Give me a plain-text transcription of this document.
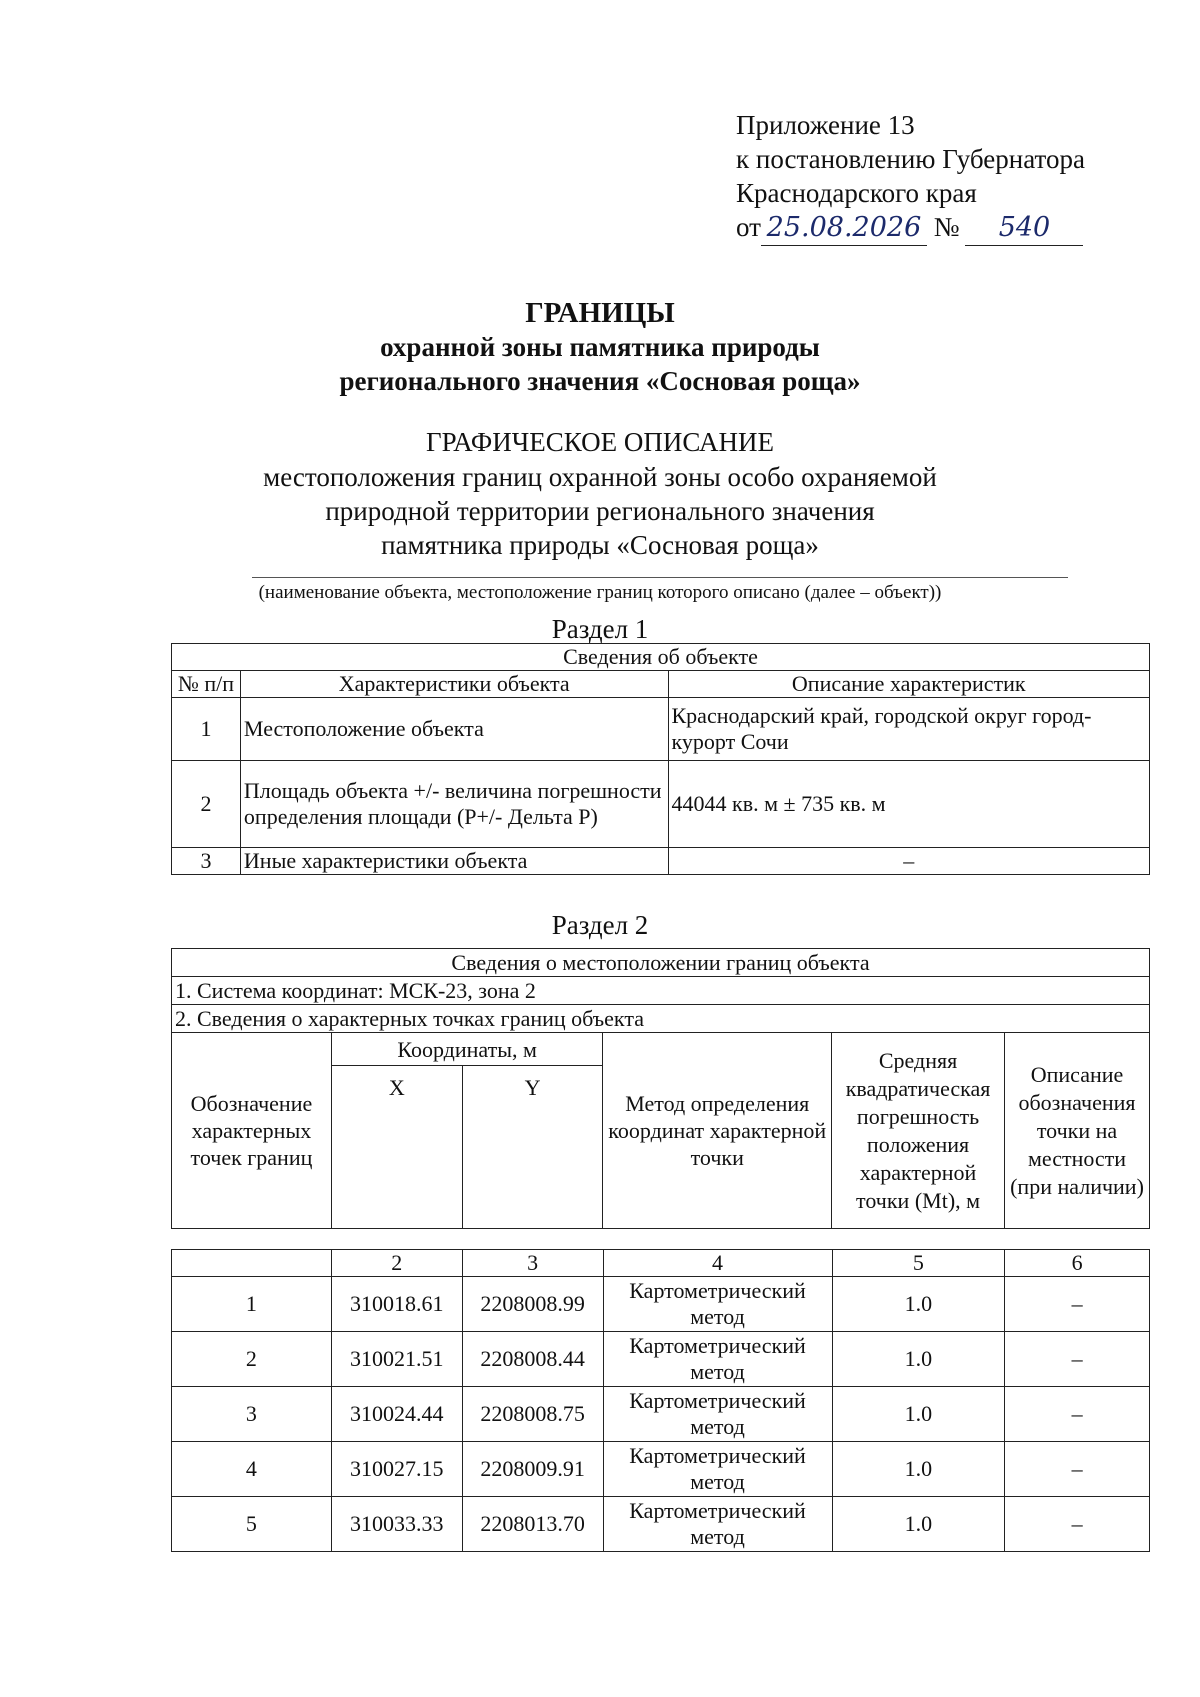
Приложение 13
к постановлению Губернатора
Краснодарского края
от 25.08.2026 № 540
ГРАНИЦЫ
охранной зоны памятника природы
регионального значения «Сосновая роща»
ГРАФИЧЕСКОЕ ОПИСАНИЕ
местоположения границ охранной зоны особо охраняемой
природной территории регионального значения
памятника природы «Сосновая роща»
(наименование объекта, местоположение границ которого описано (далее – объект))
Раздел 1
Сведения об объекте		
№ п/п	Характеристики объекта	Описание характеристик
1	Местоположение объекта	Краснодарский край, городской округ город-курорт Сочи
2	Площадь объекта +/- величина погрешности определения площади (Р+/- Дельта Р)	44044 кв. м ± 735 кв. м
3	Иные характеристики объекта	–
Раздел 2
Сведения о местоположении границ объекта					
1. Система координат: МСК-23, зона 2					
2. Сведения о характерных точках границ объекта					
Обозначение характерных точек границ	Координаты, м		Метод определения координат характерной точки	Средняя квадратическая погрешность положения характерной точки (Mt), м	Описание обозначения точки на местности (при наличии)
	X	Y			
	2	3	4	5	6
1	310018.61	2208008.99	Картометрический метод	1.0	–
2	310021.51	2208008.44	Картометрический метод	1.0	–
3	310024.44	2208008.75	Картометрический метод	1.0	–
4	310027.15	2208009.91	Картометрический метод	1.0	–
5	310033.33	2208013.70	Картометрический метод	1.0	–
